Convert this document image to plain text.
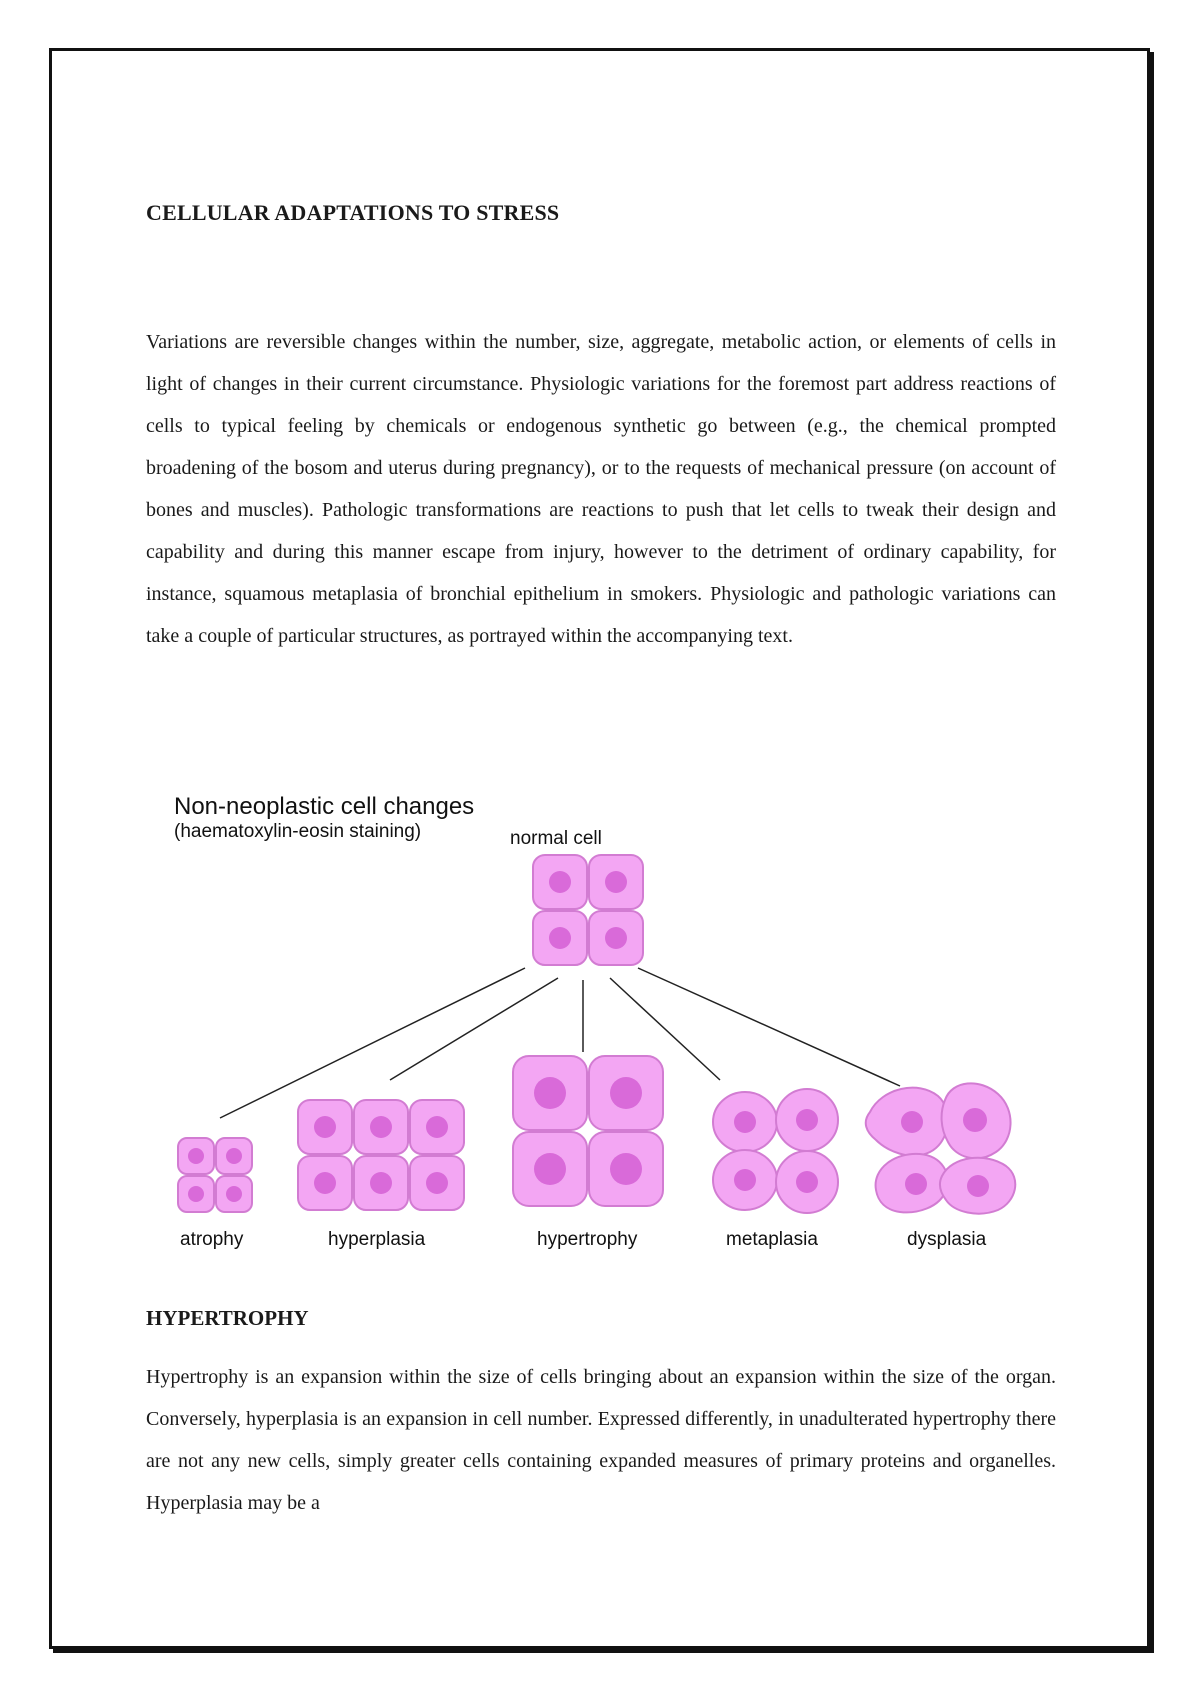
CELLULAR ADAPTATIONS TO STRESS

Variations are reversible changes within the number, size, aggregate, metabolic action, or elements of cells in light of changes in their current circumstance. Physiologic variations for the foremost part address reactions of cells to typical feeling by chemicals or endogenous synthetic go between (e.g., the chemical prompted broadening of the bosom and uterus during pregnancy), or to the requests of mechanical pressure (on account of bones and muscles). Pathologic transformations are reactions to push that let cells to tweak their design and capability and during this manner escape from injury, however to the detriment of ordinary capability, for instance, squamous metaplasia of bronchial epithelium in smokers. Physiologic and pathologic variations can take a couple of particular structures, as portrayed within the accompanying text.

Non-neoplastic cell changes
(haematoxylin-eosin staining)	normal cell
atrophy	hyperplasia	hypertrophy	metaplasia	dysplasia
HYPERTROPHY

Hypertrophy is an expansion within the size of cells bringing about an expansion within the size of the organ. Conversely, hyperplasia is an expansion in cell number. Expressed differently, in unadulterated hypertrophy there are not any new cells, simply greater cells containing expanded measures of primary proteins and organelles. Hyperplasia may be a
